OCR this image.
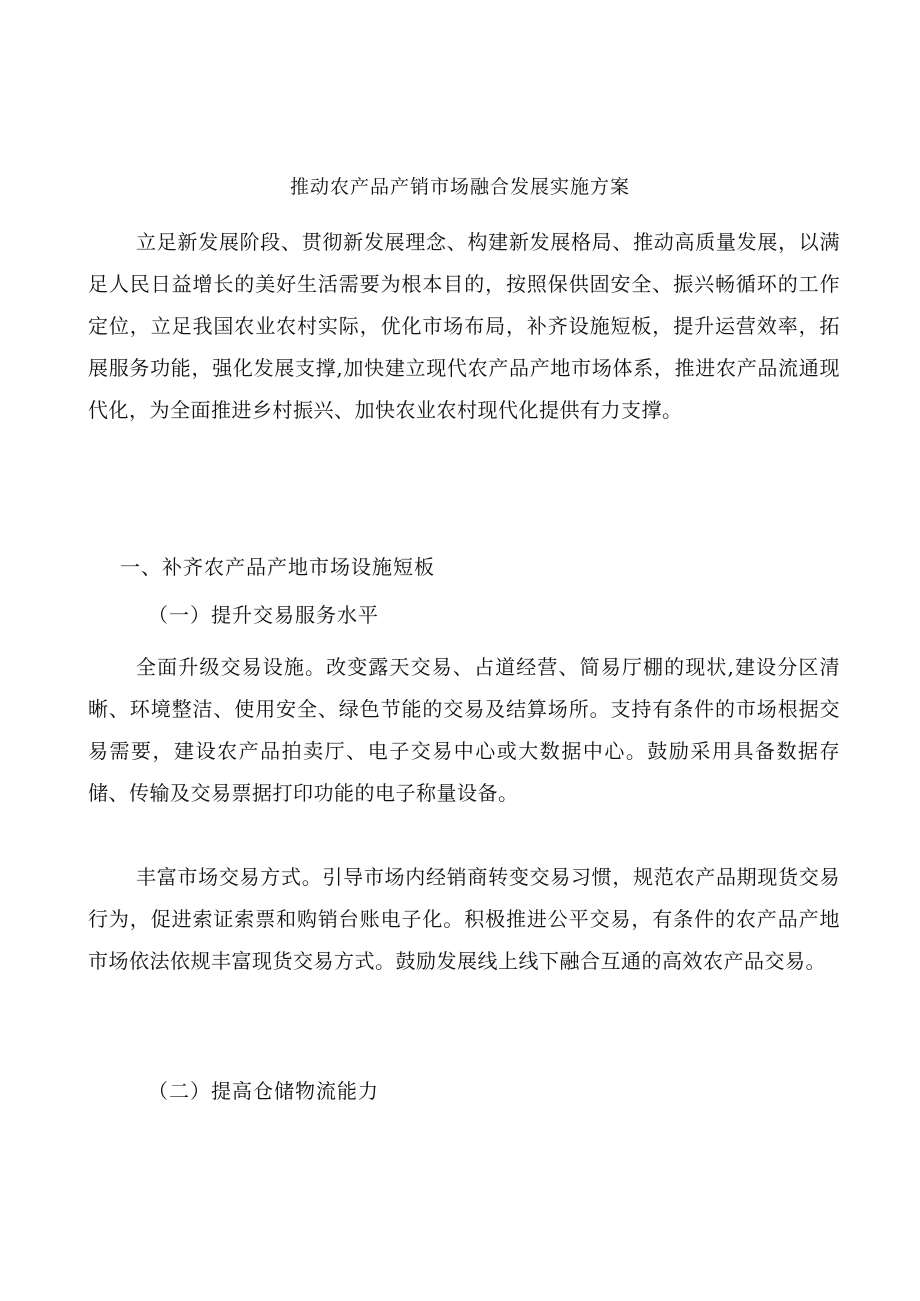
推动农产品产销市场融合发展实施方案

立足新发展阶段、贯彻新发展理念、构建新发展格局、推动高质量发展，以满足人民日益增长的美好生活需要为根本目的，按照保供固安全、振兴畅循环的工作定位，立足我国农业农村实际，优化市场布局，补齐设施短板，提升运营效率，拓展服务功能，强化发展支撑,加快建立现代农产品产地市场体系，推进农产品流通现代化，为全面推进乡村振兴、加快农业农村现代化提供有力支撑。

一、补齐农产品产地市场设施短板
（一）提升交易服务水平

全面升级交易设施。改变露天交易、占道经营、简易厅棚的现状,建设分区清晰、环境整洁、使用安全、绿色节能的交易及结算场所。支持有条件的市场根据交易需要，建设农产品拍卖厅、电子交易中心或大数据中心。鼓励采用具备数据存储、传输及交易票据打印功能的电子称量设备。

丰富市场交易方式。引导市场内经销商转变交易习惯，规范农产品期现货交易行为，促进索证索票和购销台账电子化。积极推进公平交易，有条件的农产品产地市场依法依规丰富现货交易方式。鼓励发展线上线下融合互通的高效农产品交易。

（二）提高仓储物流能力
